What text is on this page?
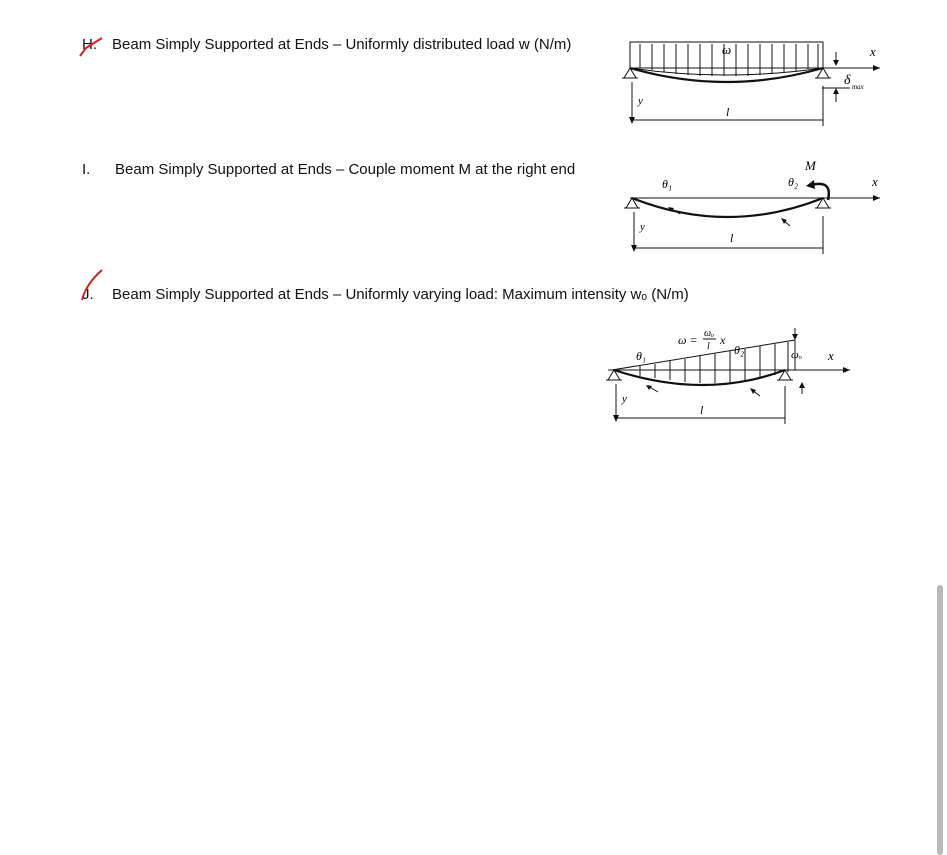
H. Beam Simply Supported at Ends – Uniformly distributed load w (N/m)	ω	x
δ max
y
l
I. Beam Simply Supported at Ends – Couple moment M at the right end
θ₁	θ₂
M
x
y
l
J. Beam Simply Supported at Ends – Uniformly varying load: Maximum intensity wₒ (N/m)
ω = ωₒ
l x
θ₁	θ₂	ωₒ x
y
l
